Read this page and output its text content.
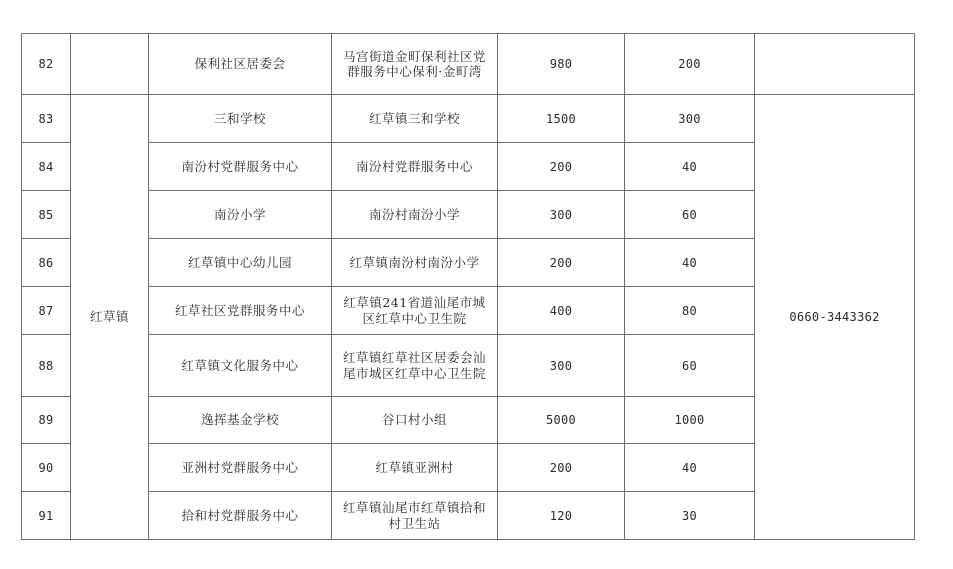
82		保利社区居委会	马宫街道金町保利社区党群服务中心保利·金町湾	980	200	
83	红草镇	三和学校	红草镇三和学校	1500	300	0660-3443362
84		南汾村党群服务中心	南汾村党群服务中心	200	40	
85		南汾小学	南汾村南汾小学	300	60	
86		红草镇中心幼儿园	红草镇南汾村南汾小学	200	40	
87		红草社区党群服务中心	红草镇241省道汕尾市城区红草中心卫生院	400	80	
88		红草镇文化服务中心	红草镇红草社区居委会汕尾市城区红草中心卫生院	300	60	
89		逸挥基金学校	谷口村小组	5000	1000	
90		亚洲村党群服务中心	红草镇亚洲村	200	40	
91		拾和村党群服务中心	红草镇汕尾市红草镇拾和村卫生站	120	30	
